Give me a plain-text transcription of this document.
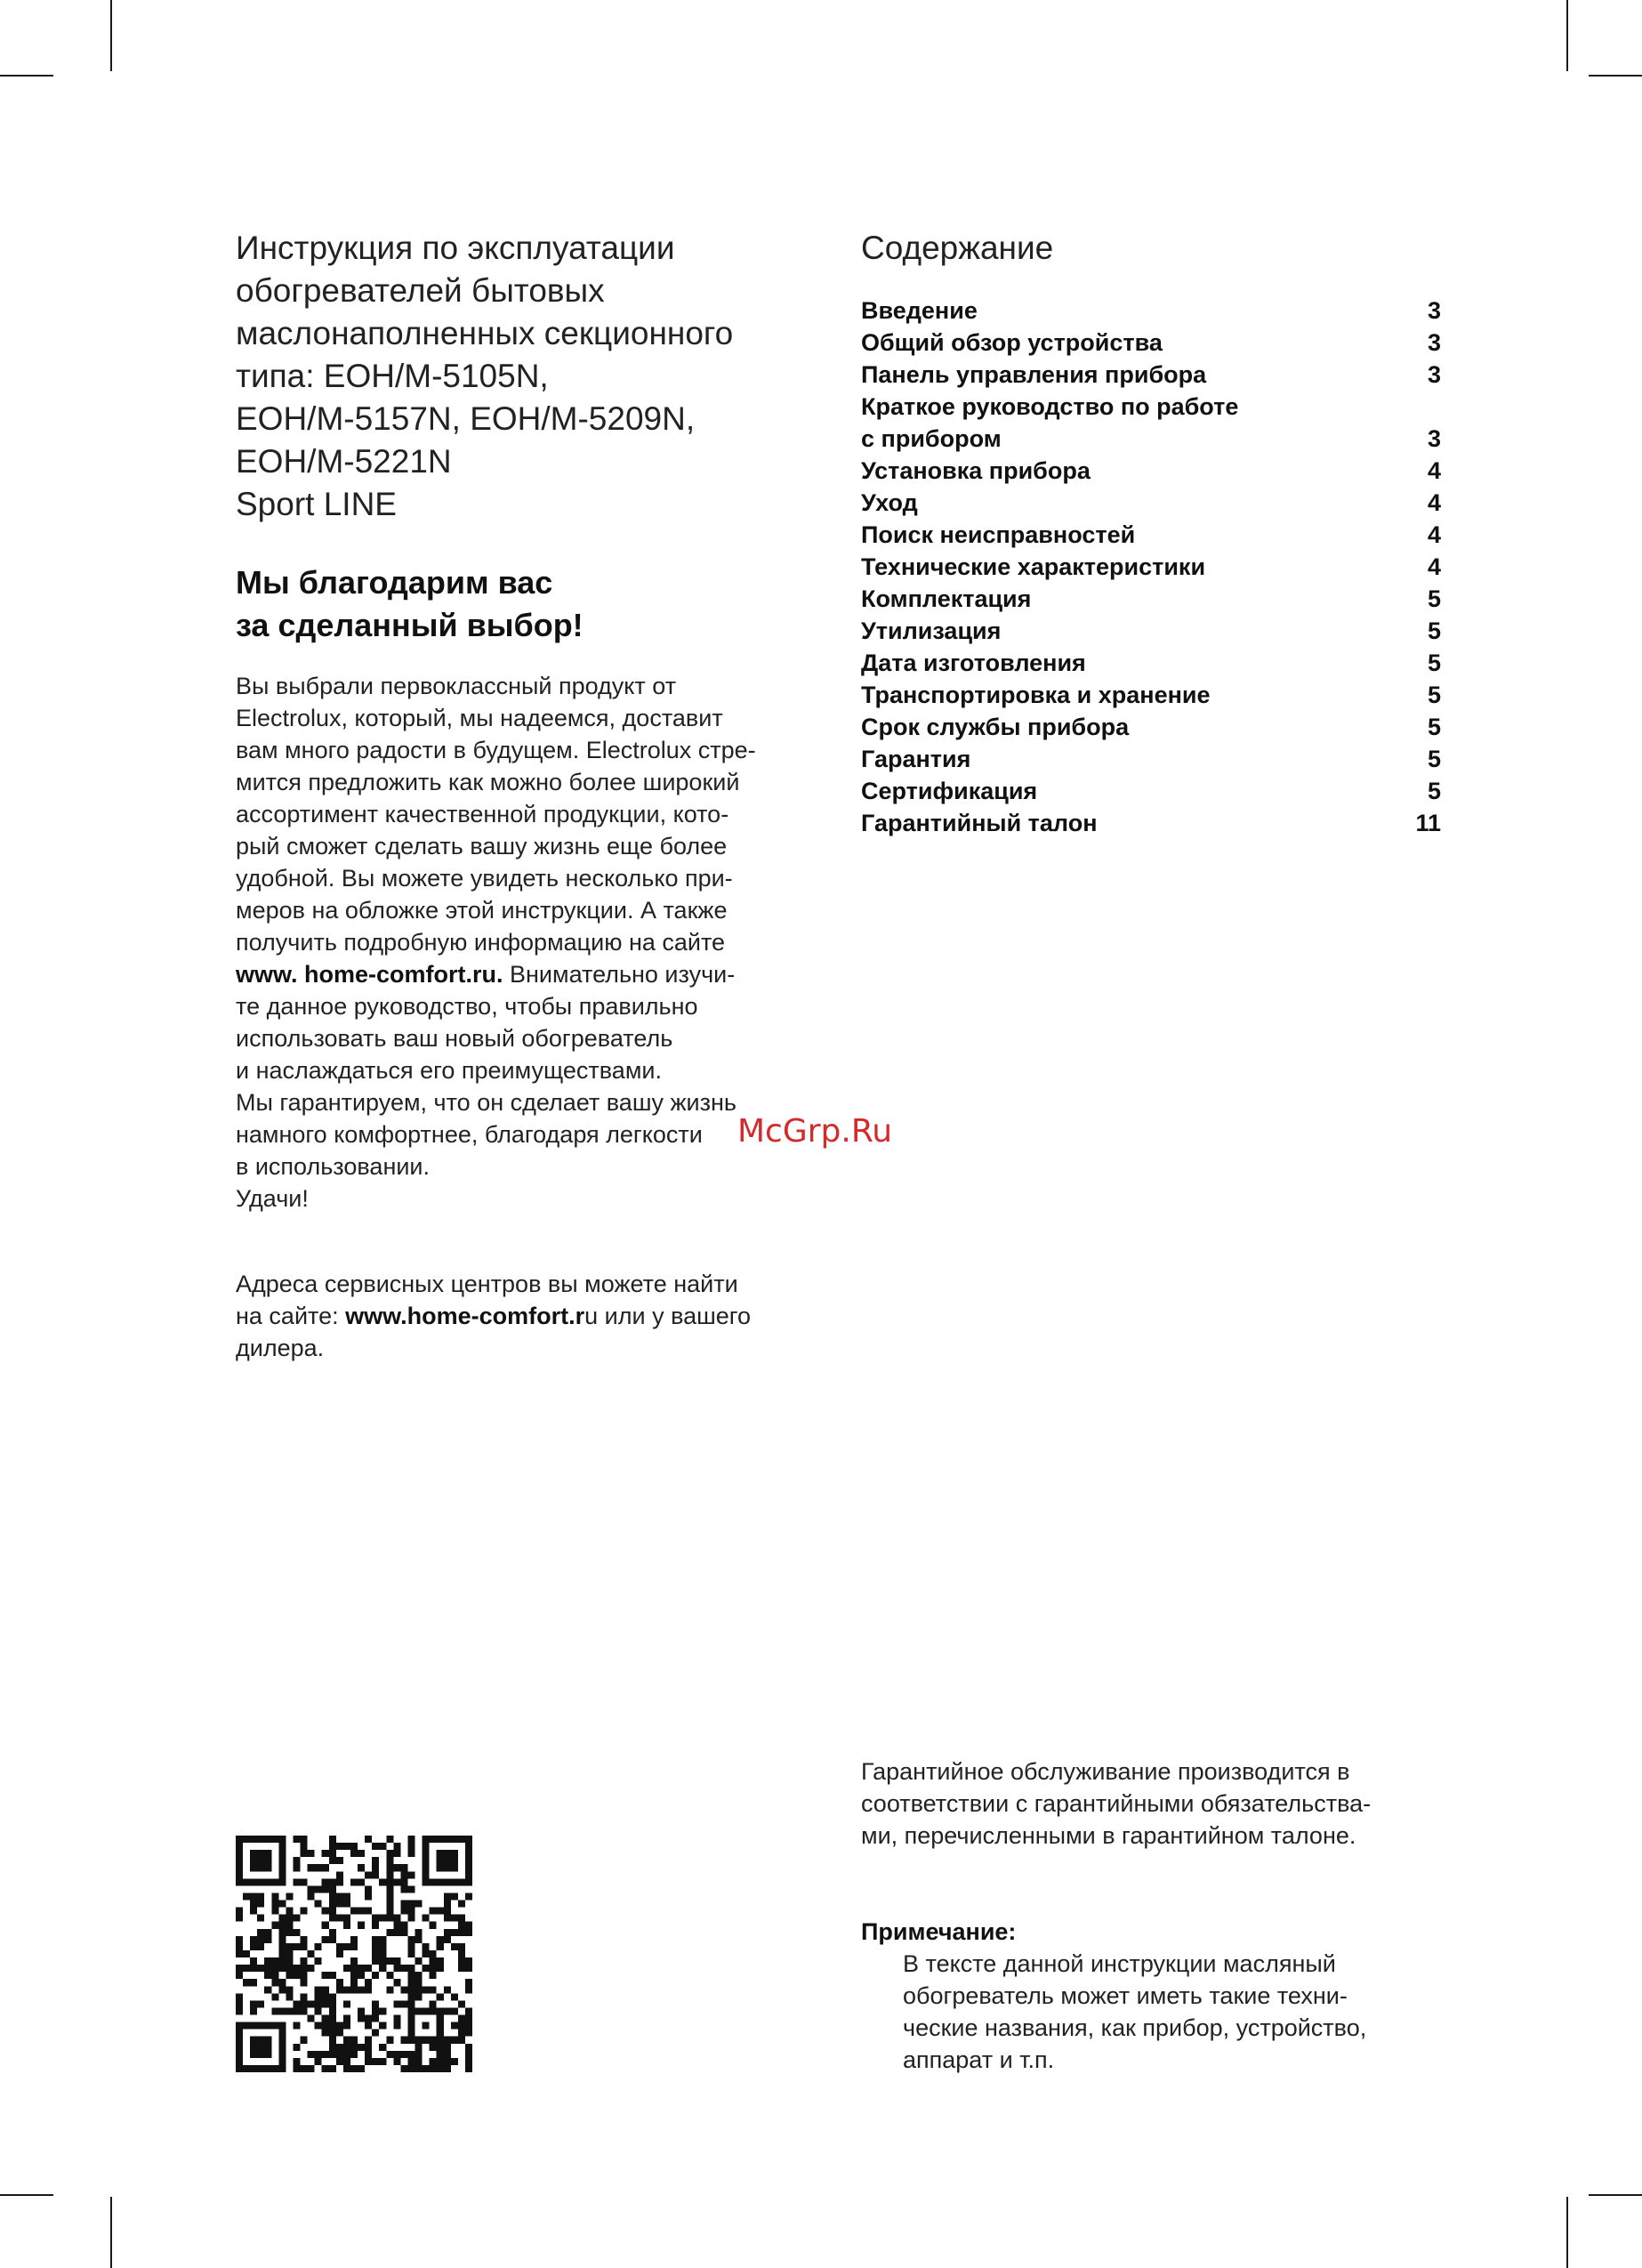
Инструкция по эксплуатации
обогревателей бытовых
маслонаполненных секционного
типа: EOH/M-5105N,
EOH/M-5157N, EOH/M-5209N,
EOH/M-5221N
Sport LINE
Мы благодарим вас
за сделанный выбор!
Вы выбрали первоклассный продукт от
Electrolux, который, мы надеемся, доставит
вам много радости в будущем. Electrolux стре-
мится предложить как можно более широкий
ассортимент качественной продукции, кото-
рый сможет сделать вашу жизнь еще более
удобной. Вы можете увидеть несколько при-
меров на обложке этой инструкции. А также
получить подробную информацию на сайте
www. home-comfort.ru. Внимательно изучи-
те данное руководство, чтобы правильно
использовать ваш новый обогреватель
и наслаждаться его преимуществами.
Мы гарантируем, что он сделает вашу жизнь
намного комфортнее, благодаря легкости
в использовании.
Удачи!
Адреса сервисных центров вы можете найти
на сайте: www.home-comfort.ru или у вашего
дилера.
Содержание
Введение	3
Общий обзор устройства	3
Панель управления прибора	3
Краткое руководство по работе
с прибором	3
Установка прибора	4
Уход	4
Поиск неисправностей	4
Технические характеристики	4
Комплектация	5
Утилизация	5
Дата изготовления	5
Транспортировка и хранение	5
Срок службы прибора	5
Гарантия	5
Сертификация	5
Гарантийный талон	11
Гарантийное обслуживание производится в
соответствии с гарантийными обязательства-
ми, перечисленными в гарантийном талоне.
Примечание:
В тексте данной инструкции масляный
обогреватель может иметь такие техни-
ческие названия, как прибор, устройство,
аппарат и т.п.
McGrp.Ru
